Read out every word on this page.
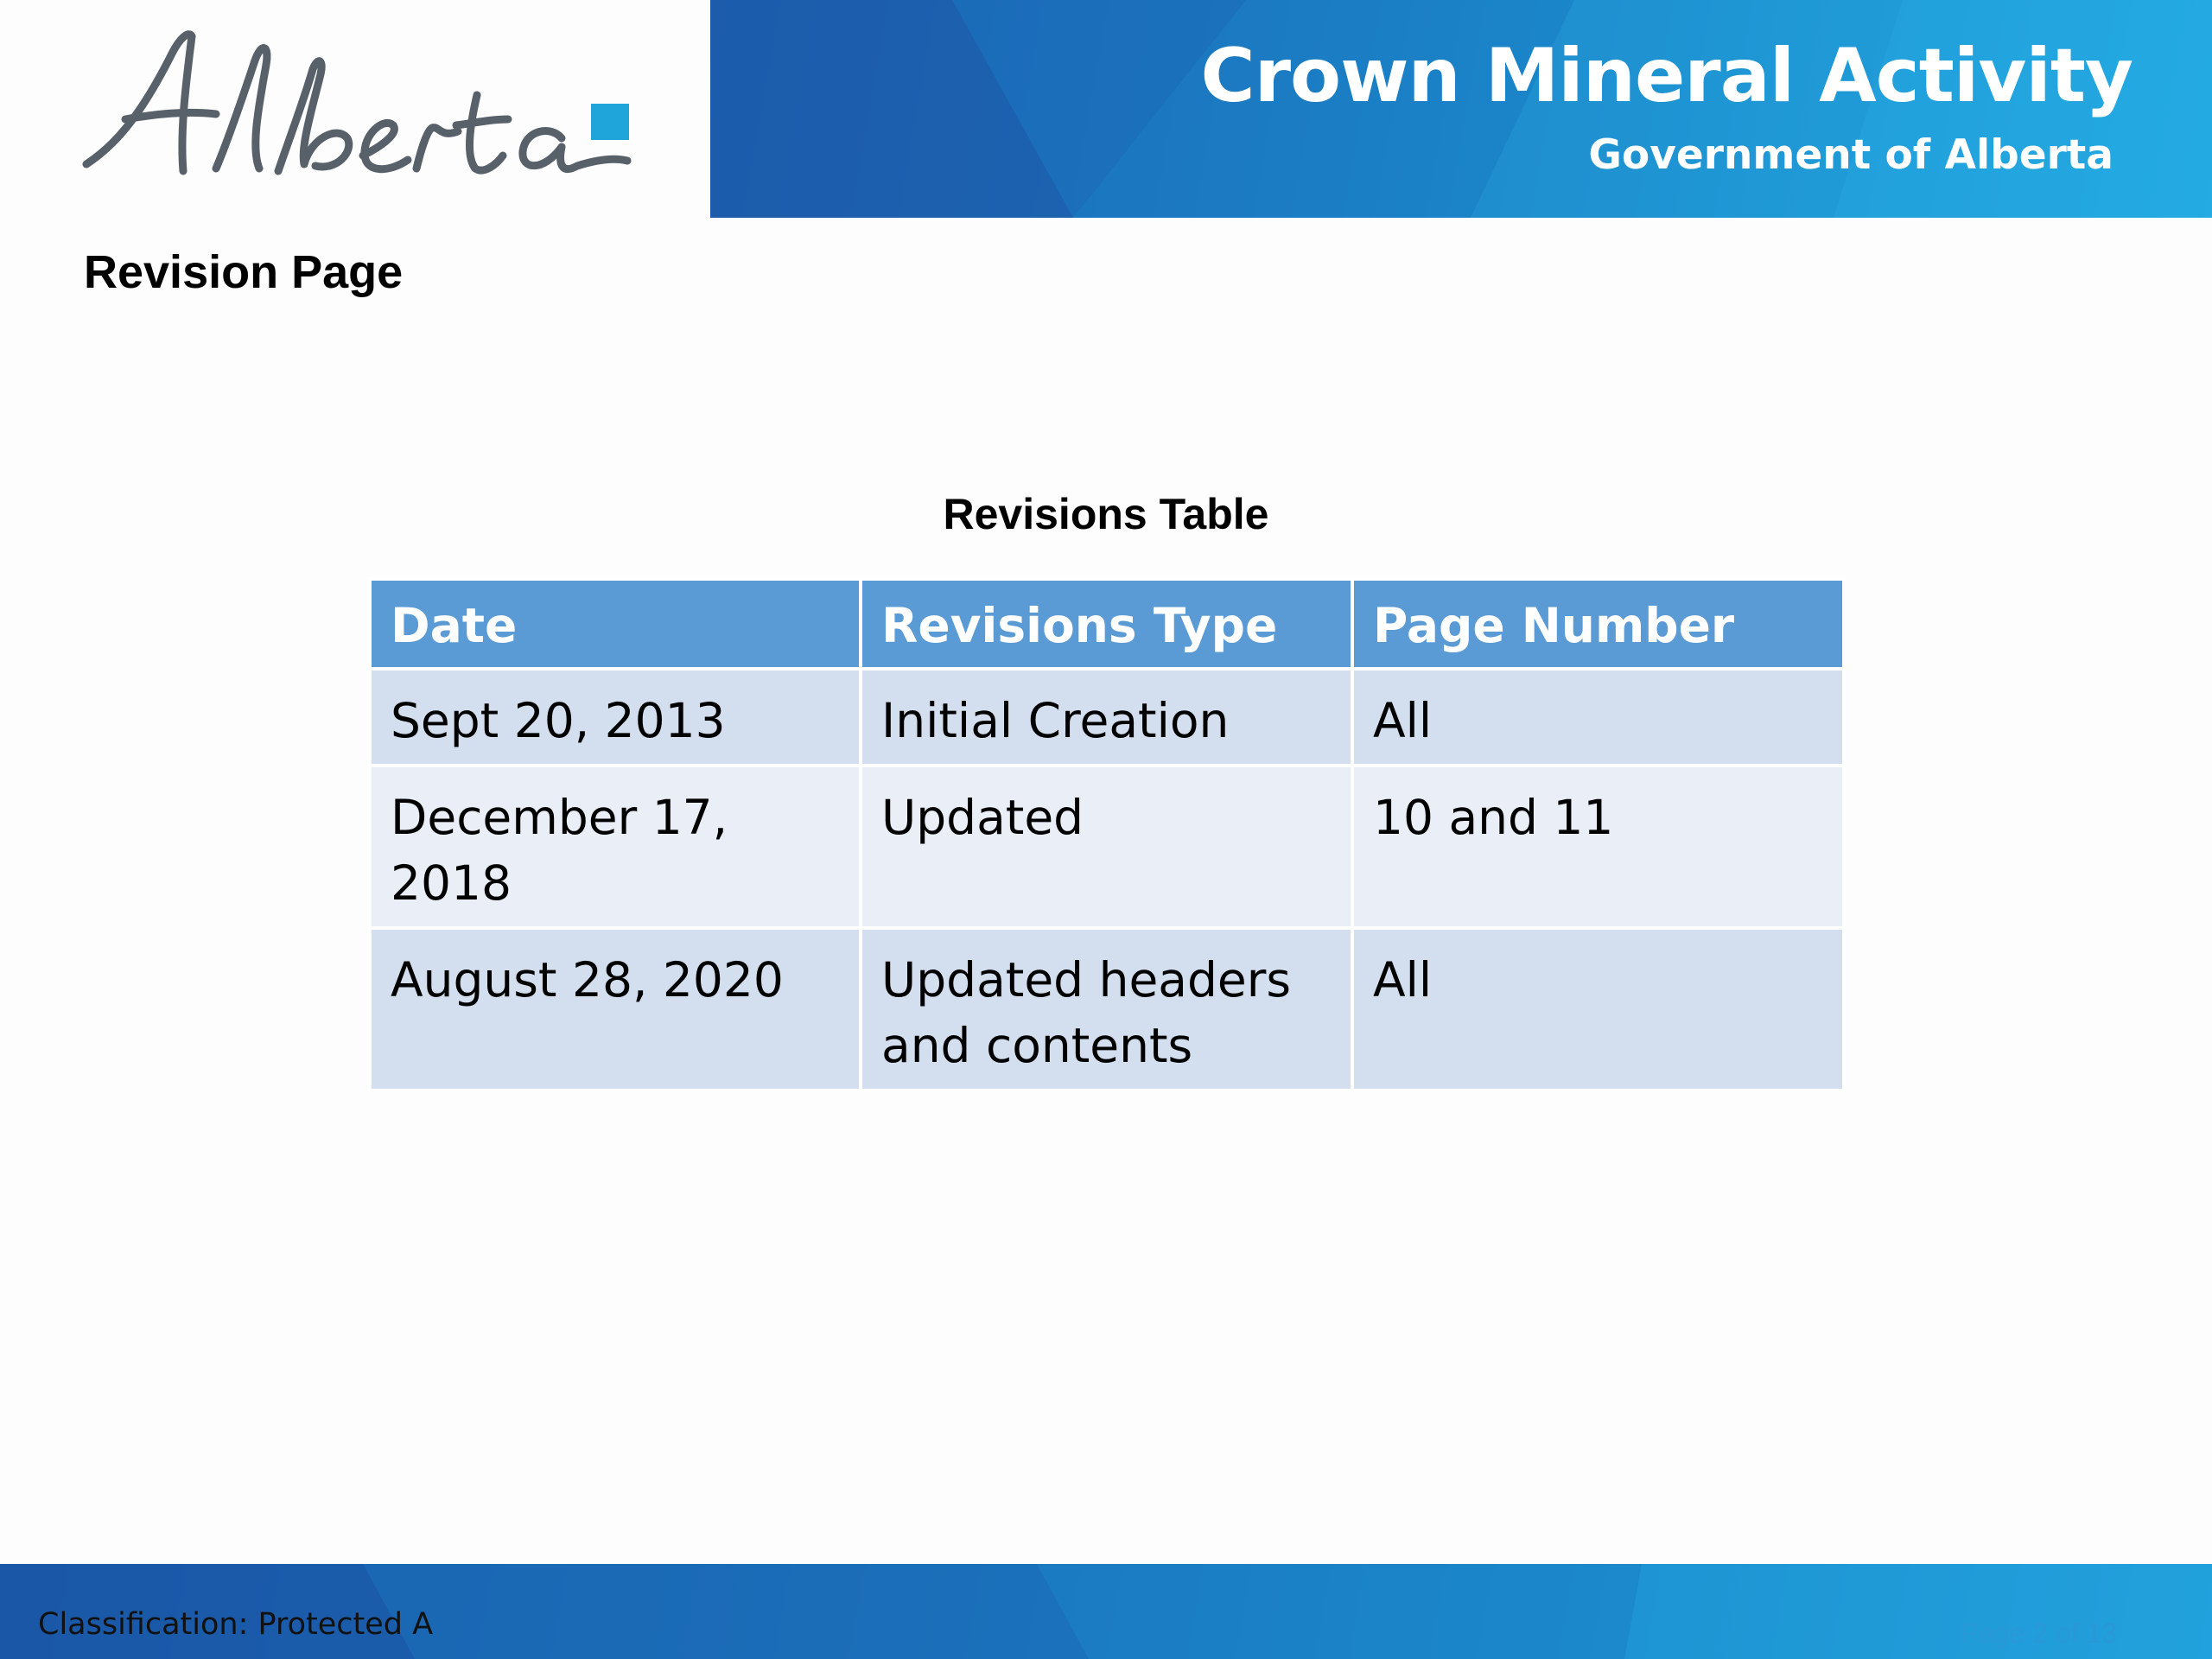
Crown Mineral Activity
Government of Alberta
Revision Page
Revisions Table
Date	Revisions Type	Page Number
Sept 20, 2013	Initial Creation	All
December 17, 2018	Updated	10 and 11
August 28, 2020	Updated headers and contents	All
Classification: Protected A	Page 2 of 13
